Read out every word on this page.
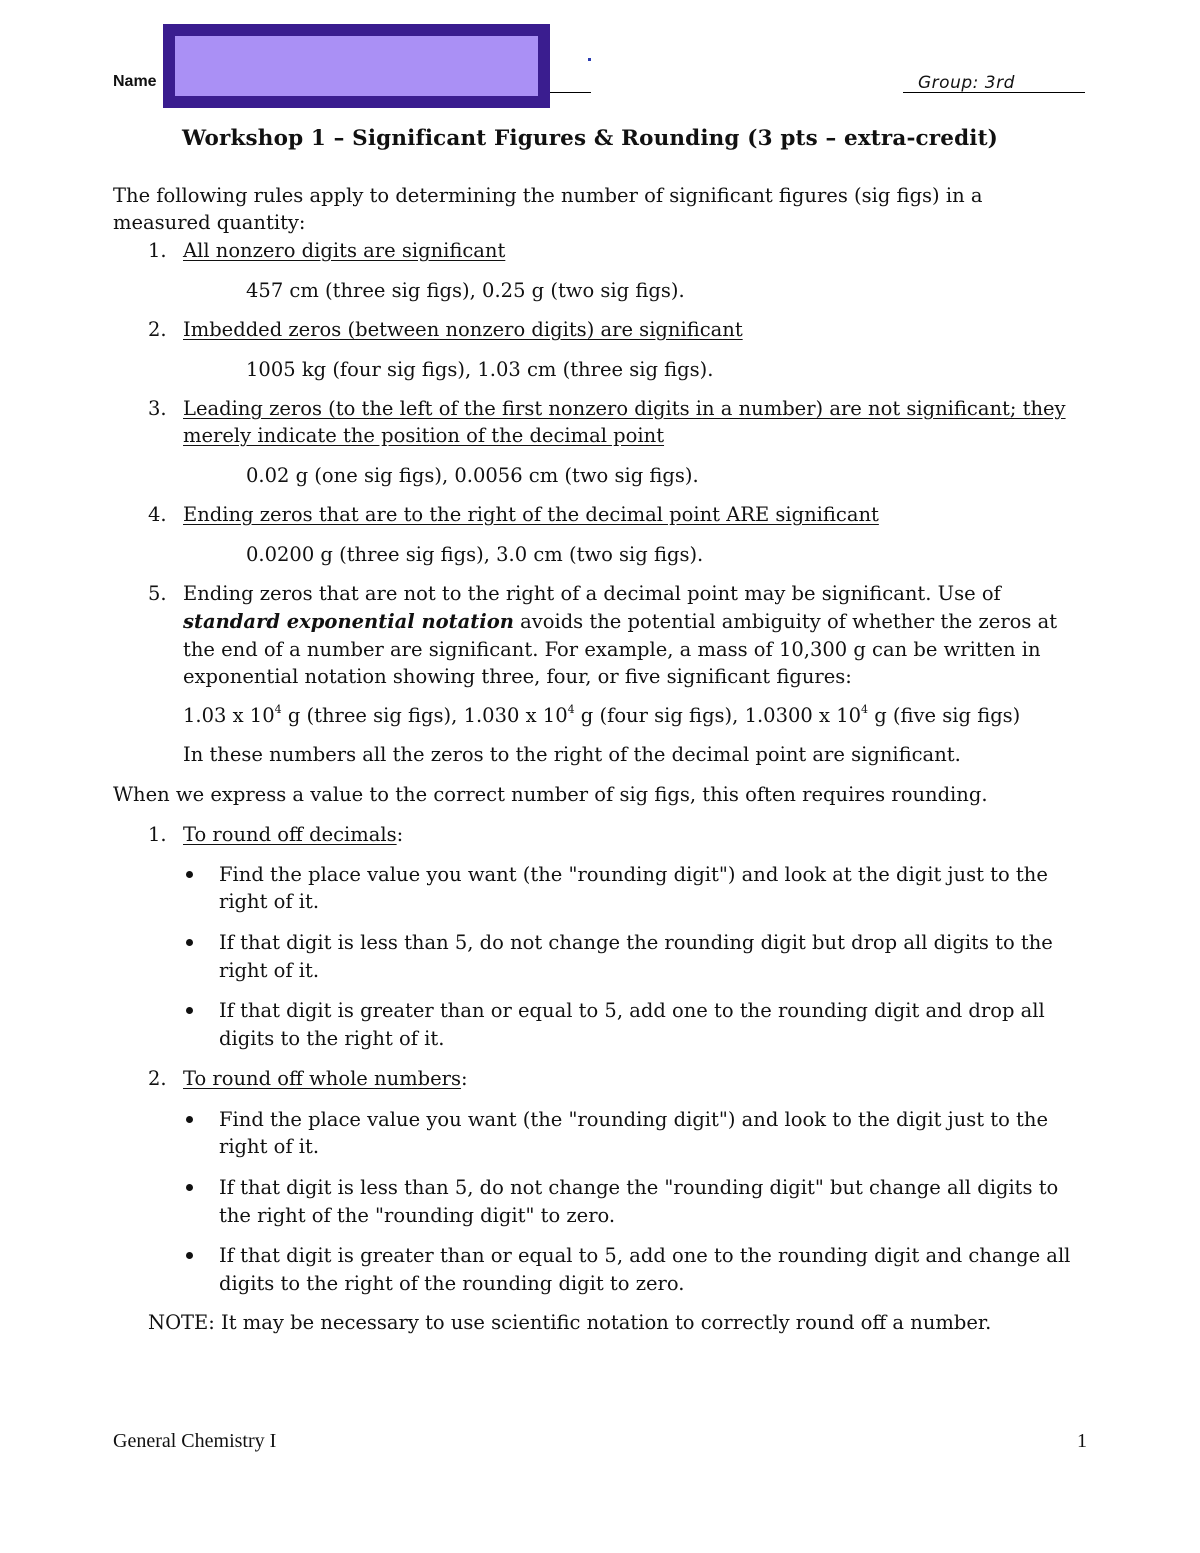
Name	Group: 3rd
Workshop 1 – Significant Figures & Rounding (3 pts – extra-credit)
The following rules apply to determining the number of significant figures (sig figs) in a
measured quantity:
1. All nonzero digits are significant
457 cm (three sig figs), 0.25 g (two sig figs).
2. Imbedded zeros (between nonzero digits) are significant
1005 kg (four sig figs), 1.03 cm (three sig figs).
3. Leading zeros (to the left of the first nonzero digits in a number) are not significant; they
merely indicate the position of the decimal point
0.02 g (one sig figs), 0.0056 cm (two sig figs).
4. Ending zeros that are to the right of the decimal point ARE significant
0.0200 g (three sig figs), 3.0 cm (two sig figs).
5. Ending zeros that are not to the right of a decimal point may be significant. Use of
standard exponential notation avoids the potential ambiguity of whether the zeros at
the end of a number are significant. For example, a mass of 10,300 g can be written in
exponential notation showing three, four, or five significant figures:
1.03 x $10^4$ g (three sig figs), 1.030 x $10^4$ g (four sig figs), 1.0300 x $10^4$ g (five sig figs)
In these numbers all the zeros to the right of the decimal point are significant.
When we express a value to the correct number of sig figs, this often requires rounding.
1. To round off decimals:
Find the place value you want (the "rounding digit") and look at the digit just to the
right of it.
If that digit is less than 5, do not change the rounding digit but drop all digits to the
right of it.
If that digit is greater than or equal to 5, add one to the rounding digit and drop all
digits to the right of it.
2. To round off whole numbers:
Find the place value you want (the "rounding digit") and look to the digit just to the
right of it.
If that digit is less than 5, do not change the "rounding digit" but change all digits to
the right of the "rounding digit" to zero.
If that digit is greater than or equal to 5, add one to the rounding digit and change all
digits to the right of the rounding digit to zero.
NOTE: It may be necessary to use scientific notation to correctly round off a number.
General Chemistry I	1
